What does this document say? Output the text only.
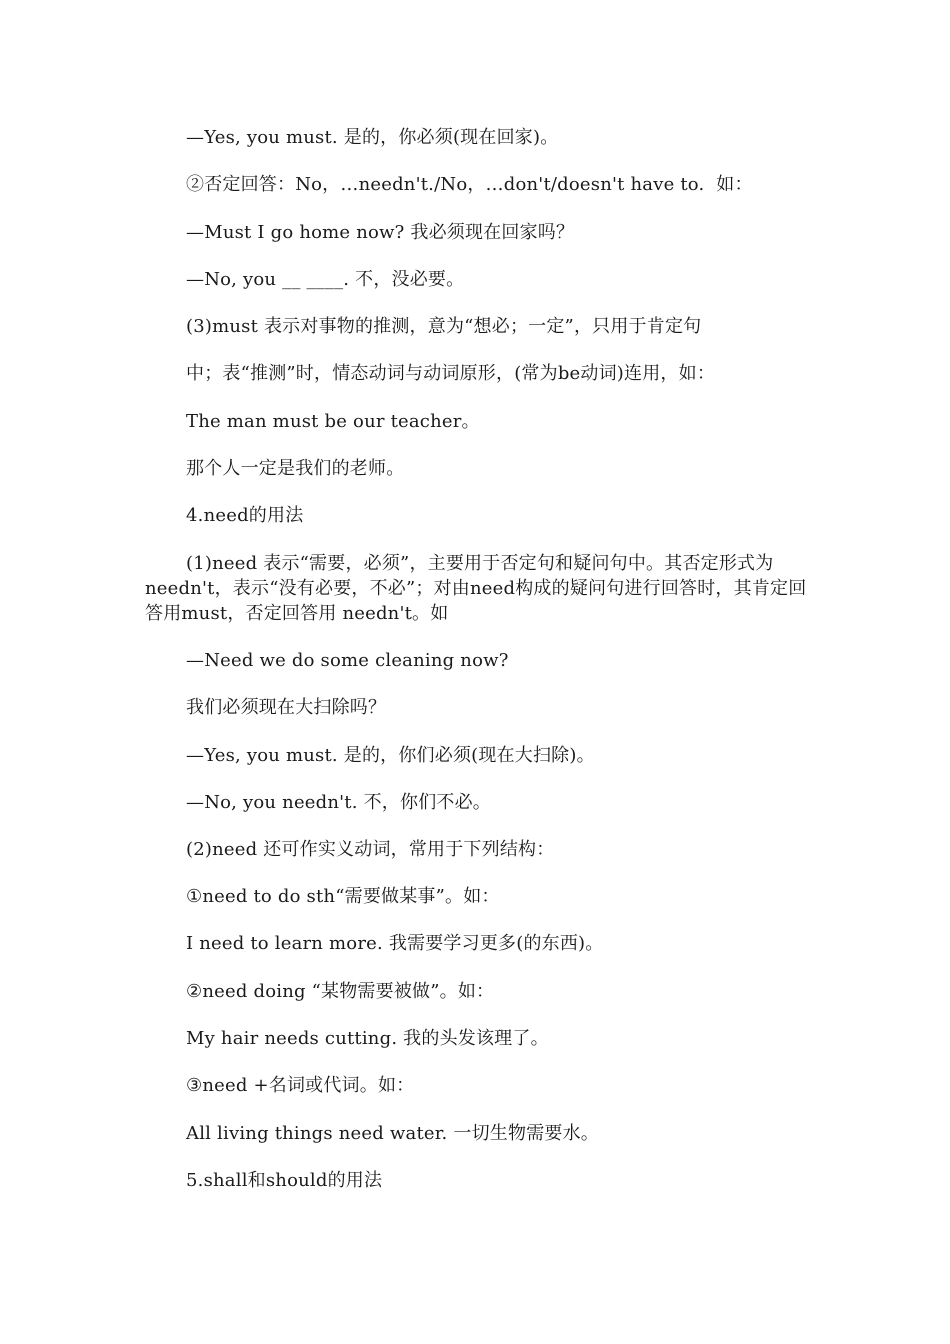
—Yes, you must. 是的，你必须(现在回家)。
②否定回答：No，…needn't./No，…don't/doesn't have to.  如：
—Must I go home now? 我必须现在回家吗？
—No, you __ ____. 不，没必要。
(3)must 表示对事物的推测，意为“想必；一定”，只用于肯定句
中；表“推测”时，情态动词与动词原形，(常为be动词)连用，如：
The man must be our teacher。
那个人一定是我们的老师。
4.need的用法
(1)need 表示“需要，必须”，主要用于否定句和疑问句中。其否定形式为needn't，表示“没有必要，不必”；对由need构成的疑问句进行回答时，其肯定回答用must，否定回答用 needn't。如
—Need we do some cleaning now?
我们必须现在大扫除吗？
—Yes, you must. 是的，你们必须(现在大扫除)。
—No, you needn't. 不，你们不必。
(2)need 还可作实义动词，常用于下列结构：
①need to do sth“需要做某事”。如：
I need to learn more. 我需要学习更多(的东西)。
②need doing “某物需要被做”。如：
My hair needs cutting. 我的头发该理了。
③need +名词或代词。如：
All living things need water. 一切生物需要水。
5.shall和should的用法
